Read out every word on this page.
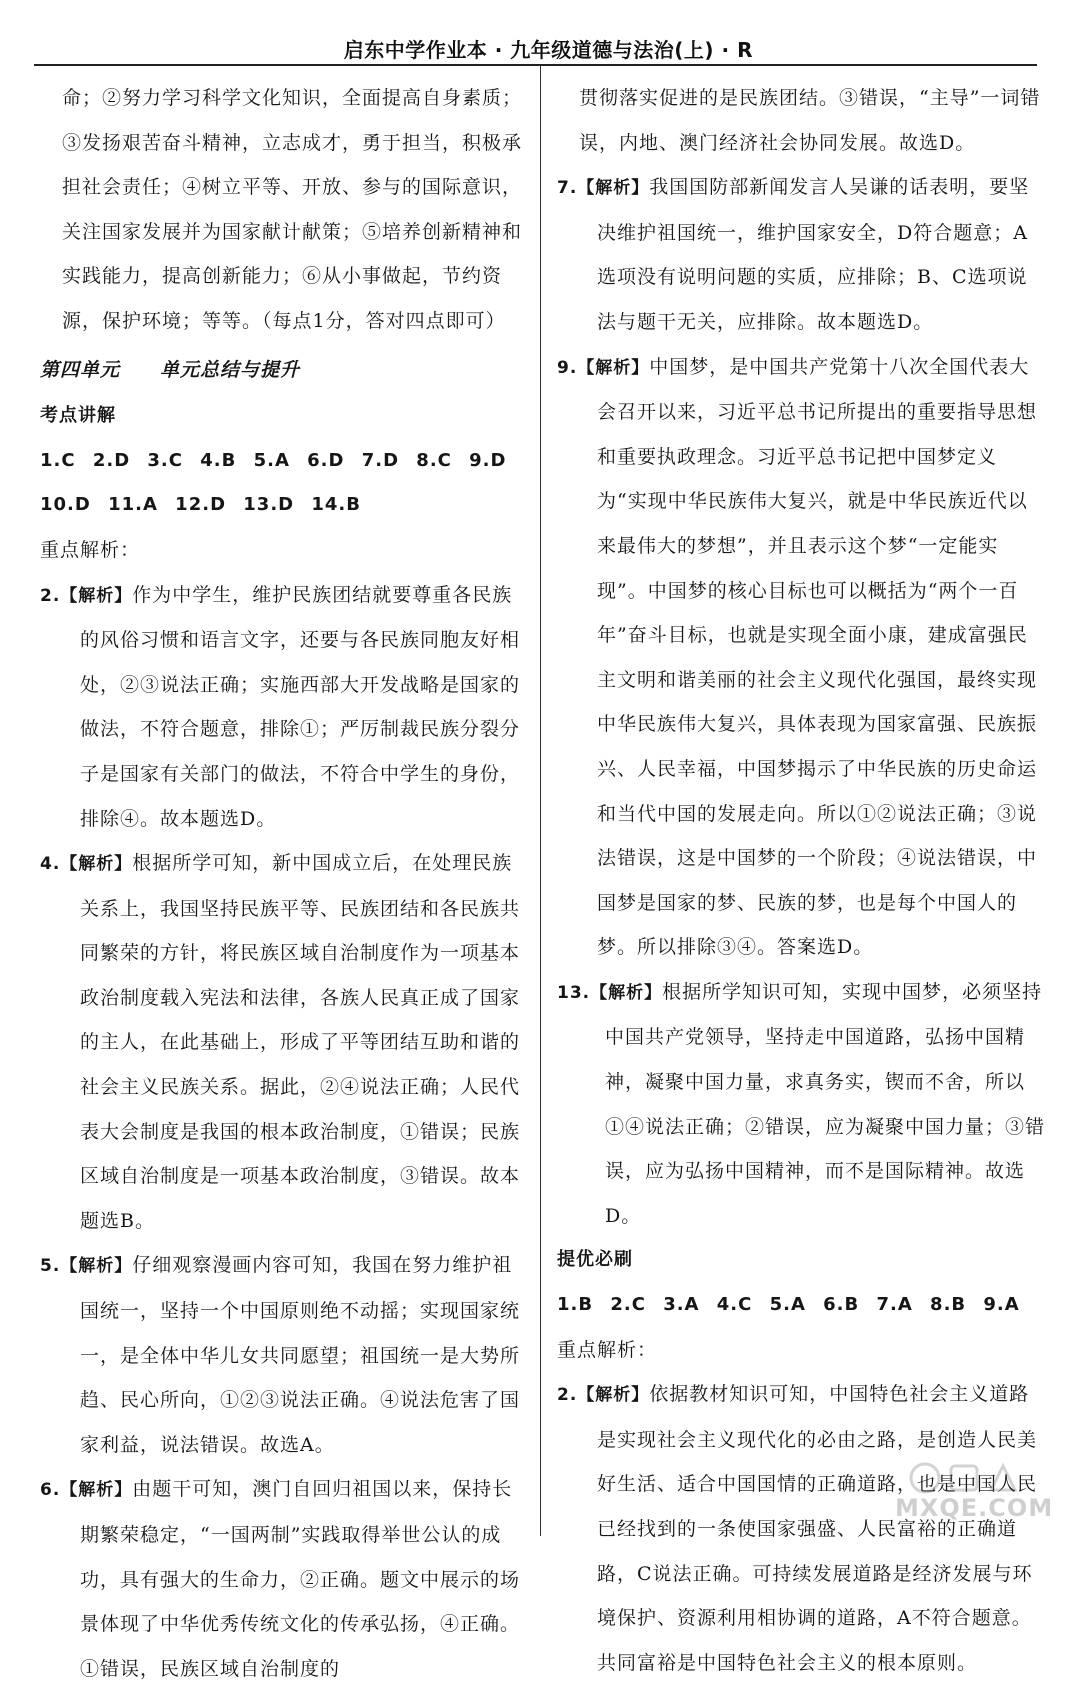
启东中学作业本 · 九年级道德与法治(上) · R

命；②努力学习科学文化知识，全面提高自身素质；③发扬艰苦奋斗精神，立志成才，勇于担当，积极承担社会责任；④树立平等、开放、参与的国际意识，关注国家发展并为国家献计献策；⑤培养创新精神和实践能力，提高创新能力；⑥从小事做起，节约资源，保护环境；等等。（每点1分，答对四点即可）

第四单元 单元总结与提升
考点讲解
1.C 2.D 3.C 4.B 5.A 6.D 7.D 8.C 9.D
10.D 11.A 12.D 13.D 14.B
重点解析：

2.【解析】作为中学生，维护民族团结就要尊重各民族的风俗习惯和语言文字，还要与各民族同胞友好相处，②③说法正确；实施西部大开发战略是国家的做法，不符合题意，排除①；严厉制裁民族分裂分子是国家有关部门的做法，不符合中学生的身份，排除④。故本题选D。

4.【解析】根据所学可知，新中国成立后，在处理民族关系上，我国坚持民族平等、民族团结和各民族共同繁荣的方针，将民族区域自治制度作为一项基本政治制度载入宪法和法律，各族人民真正成了国家的主人，在此基础上，形成了平等团结互助和谐的社会主义民族关系。据此，②④说法正确；人民代表大会制度是我国的根本政治制度，①错误；民族区域自治制度是一项基本政治制度，③错误。故本题选B。

5.【解析】仔细观察漫画内容可知，我国在努力维护祖国统一，坚持一个中国原则绝不动摇；实现国家统一，是全体中华儿女共同愿望；祖国统一是大势所趋、民心所向，①②③说法正确。④说法危害了国家利益，说法错误。故选A。

6.【解析】由题干可知，澳门自回归祖国以来，保持长期繁荣稳定，“一国两制”实践取得举世公认的成功，具有强大的生命力，②正确。题文中展示的场景体现了中华优秀传统文化的传承弘扬，④正确。①错误，民族区域自治制度的

贯彻落实促进的是民族团结。③错误，“主导”一词错误，内地、澳门经济社会协同发展。故选D。

7.【解析】我国国防部新闻发言人吴谦的话表明，要坚决维护祖国统一，维护国家安全，D符合题意；A选项没有说明问题的实质，应排除；B、C选项说法与题干无关，应排除。故本题选D。

9.【解析】中国梦，是中国共产党第十八次全国代表大会召开以来，习近平总书记所提出的重要指导思想和重要执政理念。习近平总书记把中国梦定义为“实现中华民族伟大复兴，就是中华民族近代以来最伟大的梦想”，并且表示这个梦“一定能实现”。中国梦的核心目标也可以概括为“两个一百年”奋斗目标，也就是实现全面小康，建成富强民主文明和谐美丽的社会主义现代化强国，最终实现中华民族伟大复兴，具体表现为国家富强、民族振兴、人民幸福，中国梦揭示了中华民族的历史命运和当代中国的发展走向。所以①②说法正确；③说法错误，这是中国梦的一个阶段；④说法错误，中国梦是国家的梦、民族的梦，也是每个中国人的梦。所以排除③④。答案选D。

13.【解析】根据所学知识可知，实现中国梦，必须坚持中国共产党领导，坚持走中国道路，弘扬中国精神，凝聚中国力量，求真务实，锲而不舍，所以①④说法正确；②错误，应为凝聚中国力量；③错误，应为弘扬中国精神，而不是国际精神。故选D。

提优必刷
1.B 2.C 3.A 4.C 5.A 6.B 7.A 8.B 9.A
重点解析：

2.【解析】依据教材知识可知，中国特色社会主义道路是实现社会主义现代化的必由之路，是创造人民美好生活、适合中国国情的正确道路，也是中国人民已经找到的一条使国家强盛、人民富裕的正确道路，C说法正确。可持续发展道路是经济发展与环境保护、资源利用相协调的道路，A不符合题意。共同富裕是中国特色社会主义的根本原则。

MXQE.COM
